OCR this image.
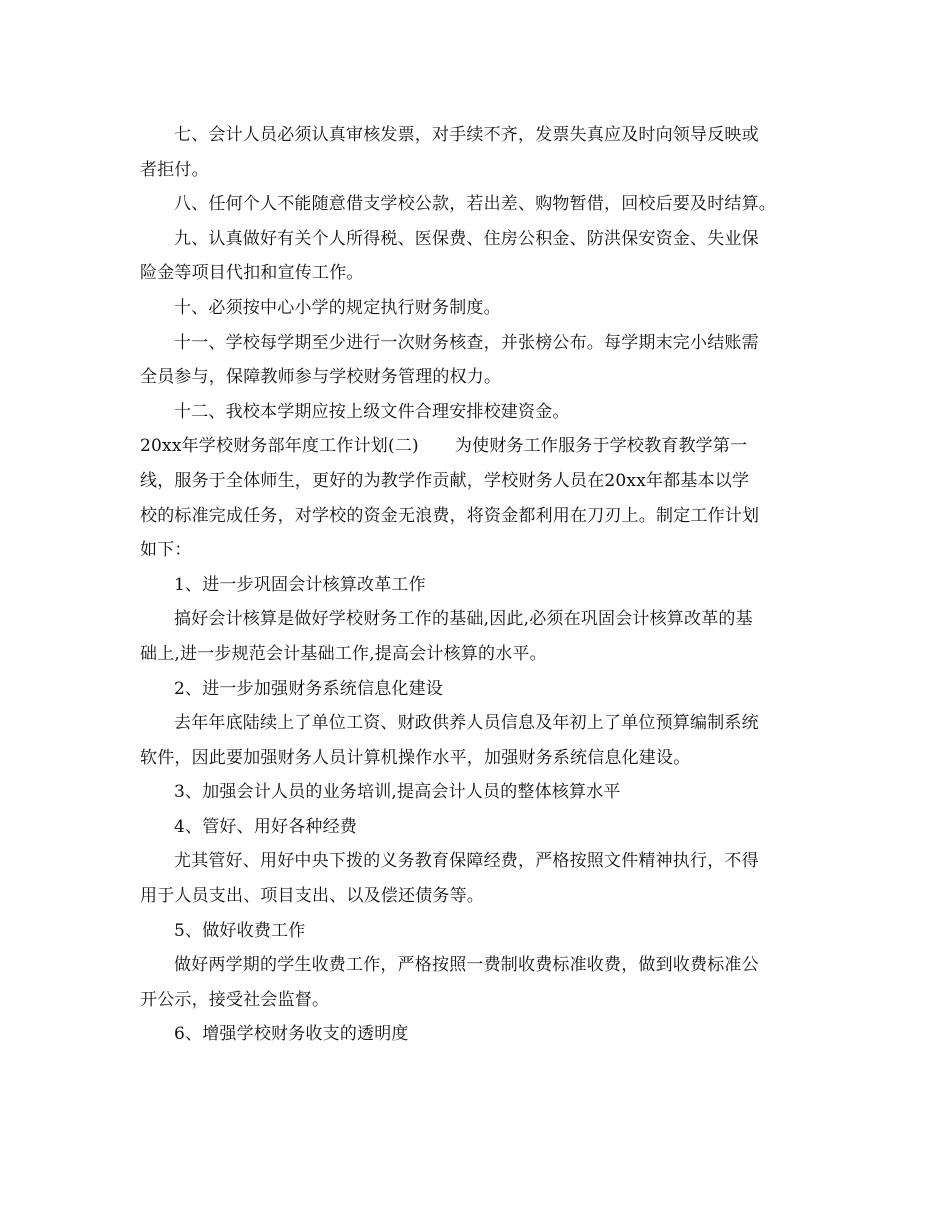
七、会计人员必须认真审核发票，对手续不齐，发票失真应及时向领导反映或
者拒付。
八、任何个人不能随意借支学校公款，若出差、购物暂借，回校后要及时结算。
九、认真做好有关个人所得税、医保费、住房公积金、防洪保安资金、失业保
险金等项目代扣和宣传工作。
十、必须按中心小学的规定执行财务制度。
十一、学校每学期至少进行一次财务核查，并张榜公布。每学期末完小结账需
全员参与，保障教师参与学校财务管理的权力。
十二、我校本学期应按上级文件合理安排校建资金。
20xx年学校财务部年度工作计划(二) 为使财务工作服务于学校教育教学第一
线，服务于全体师生，更好的为教学作贡献，学校财务人员在20xx年都基本以学
校的标准完成任务，对学校的资金无浪费，将资金都利用在刀刃上。制定工作计划
如下：
1、进一步巩固会计核算改革工作
搞好会计核算是做好学校财务工作的基础,因此,必须在巩固会计核算改革的基
础上,进一步规范会计基础工作,提高会计核算的水平。
2、进一步加强财务系统信息化建设
去年年底陆续上了单位工资、财政供养人员信息及年初上了单位预算编制系统
软件，因此要加强财务人员计算机操作水平，加强财务系统信息化建设。
3、加强会计人员的业务培训,提高会计人员的整体核算水平
4、管好、用好各种经费
尤其管好、用好中央下拨的义务教育保障经费，严格按照文件精神执行，不得
用于人员支出、项目支出、以及偿还债务等。
5、做好收费工作
做好两学期的学生收费工作，严格按照一费制收费标准收费，做到收费标准公
开公示，接受社会监督。
6、增强学校财务收支的透明度
